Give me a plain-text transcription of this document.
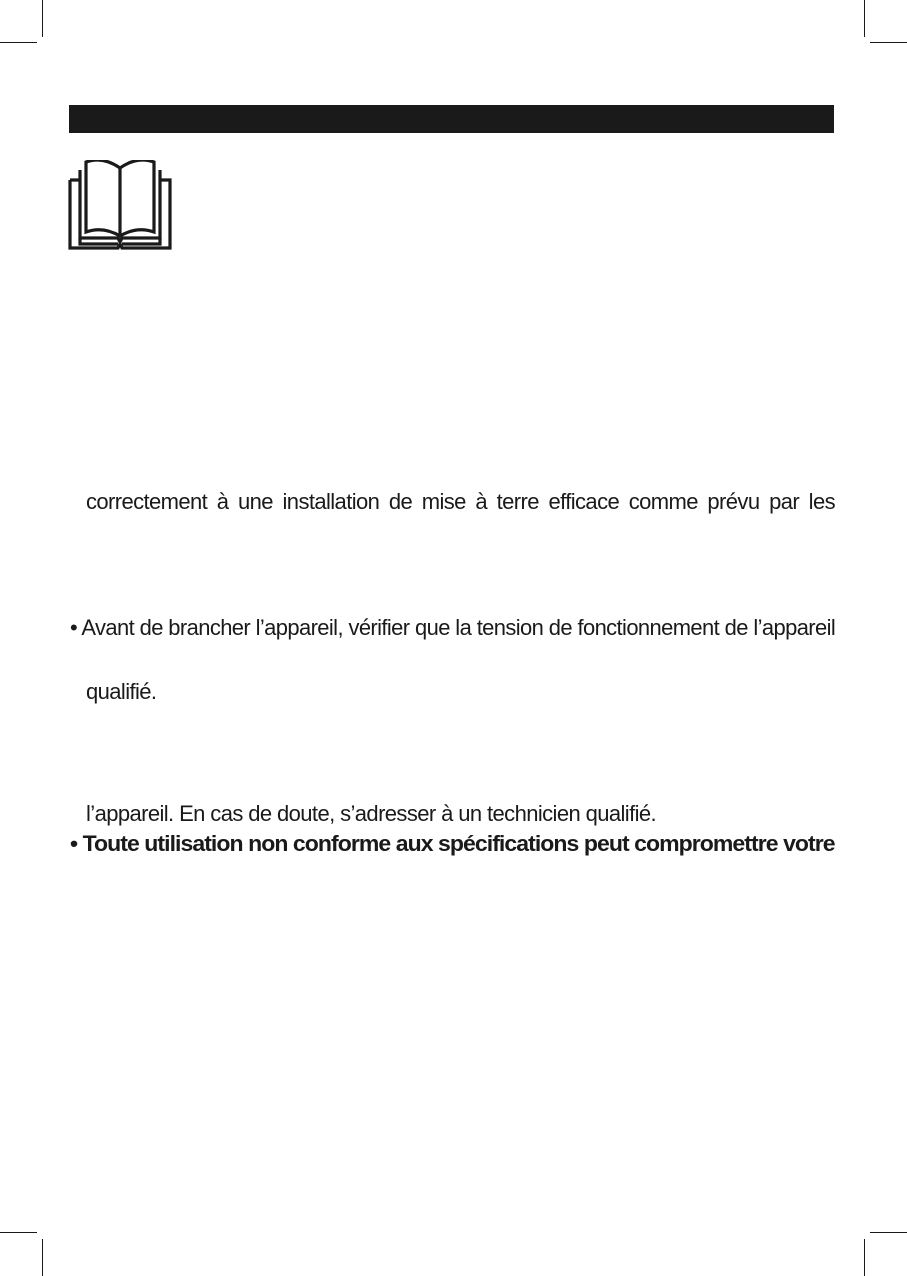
correctement à une installation de mise à terre efficace comme prévu par les

• Avant de brancher l’appareil, vérifier que la tension de fonctionnement de l’appareil

qualifié.

l’appareil. En cas de doute, s’adresser à un technicien qualifié.

• Toute utilisation non conforme aux spécifications peut compromettre votre
